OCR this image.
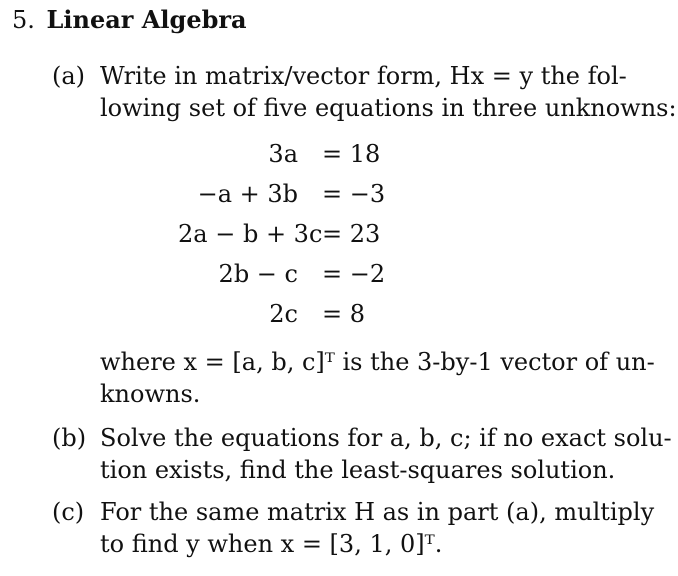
5. Linear Algebra
(a) Write in matrix/vector form, Hx = y the fol-
lowing set of five equations in three unknowns:
3a = 18
−a + 3b = −3
2a − b + 3c = 23
2b − c = −2
2c = 8
where x = [a, b, c]ᵀ is the 3-by-1 vector of un-
knowns.
(b) Solve the equations for a, b, c; if no exact solu-
tion exists, find the least-squares solution.
(c) For the same matrix H as in part (a), multiply
to find y when x = [3, 1, 0]ᵀ.
